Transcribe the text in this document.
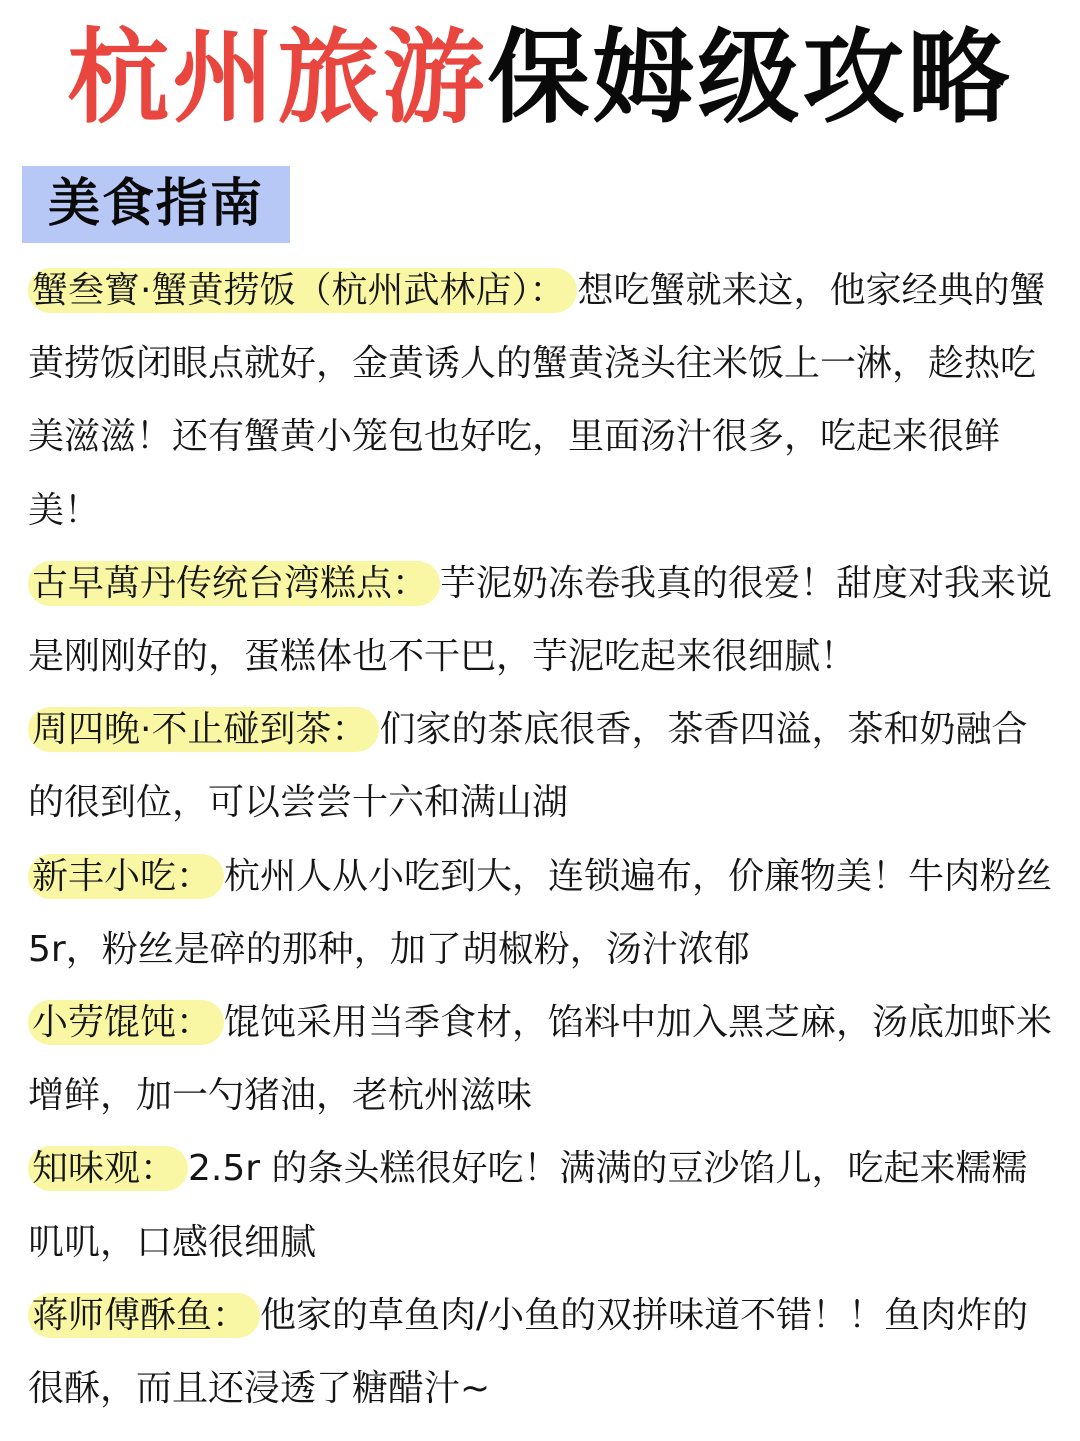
杭州旅游保姆级攻略
美食指南

蟹叁寳·蟹黄捞饭（杭州武林店）： 想吃蟹就来这，他家经典的蟹黄捞饭闭眼点就好，金黄诱人的蟹黄浇头往米饭上一淋，趁热吃美滋滋！还有蟹黄小笼包也好吃，里面汤汁很多，吃起来很鲜美！

古早萬丹传统台湾糕点： 芋泥奶冻卷我真的很爱！甜度对我来说是刚刚好的，蛋糕体也不干巴，芋泥吃起来很细腻！

周四晚·不止碰到茶： 们家的茶底很香，茶香四溢，茶和奶融合的很到位，可以尝尝十六和满山湖

新丰小吃： 杭州人从小吃到大，连锁遍布，价廉物美！牛肉粉丝5r，粉丝是碎的那种，加了胡椒粉，汤汁浓郁

小劳馄饨： 馄饨采用当季食材，馅料中加入黑芝麻，汤底加虾米增鲜，加一勺猪油，老杭州滋味

知味观： 2.5r 的条头糕很好吃！满满的豆沙馅儿，吃起来糯糯叽叽，口感很细腻

蒋师傅酥鱼： 他家的草鱼肉/小鱼的双拼味道不错！！鱼肉炸的很酥，而且还浸透了糖醋汁~
